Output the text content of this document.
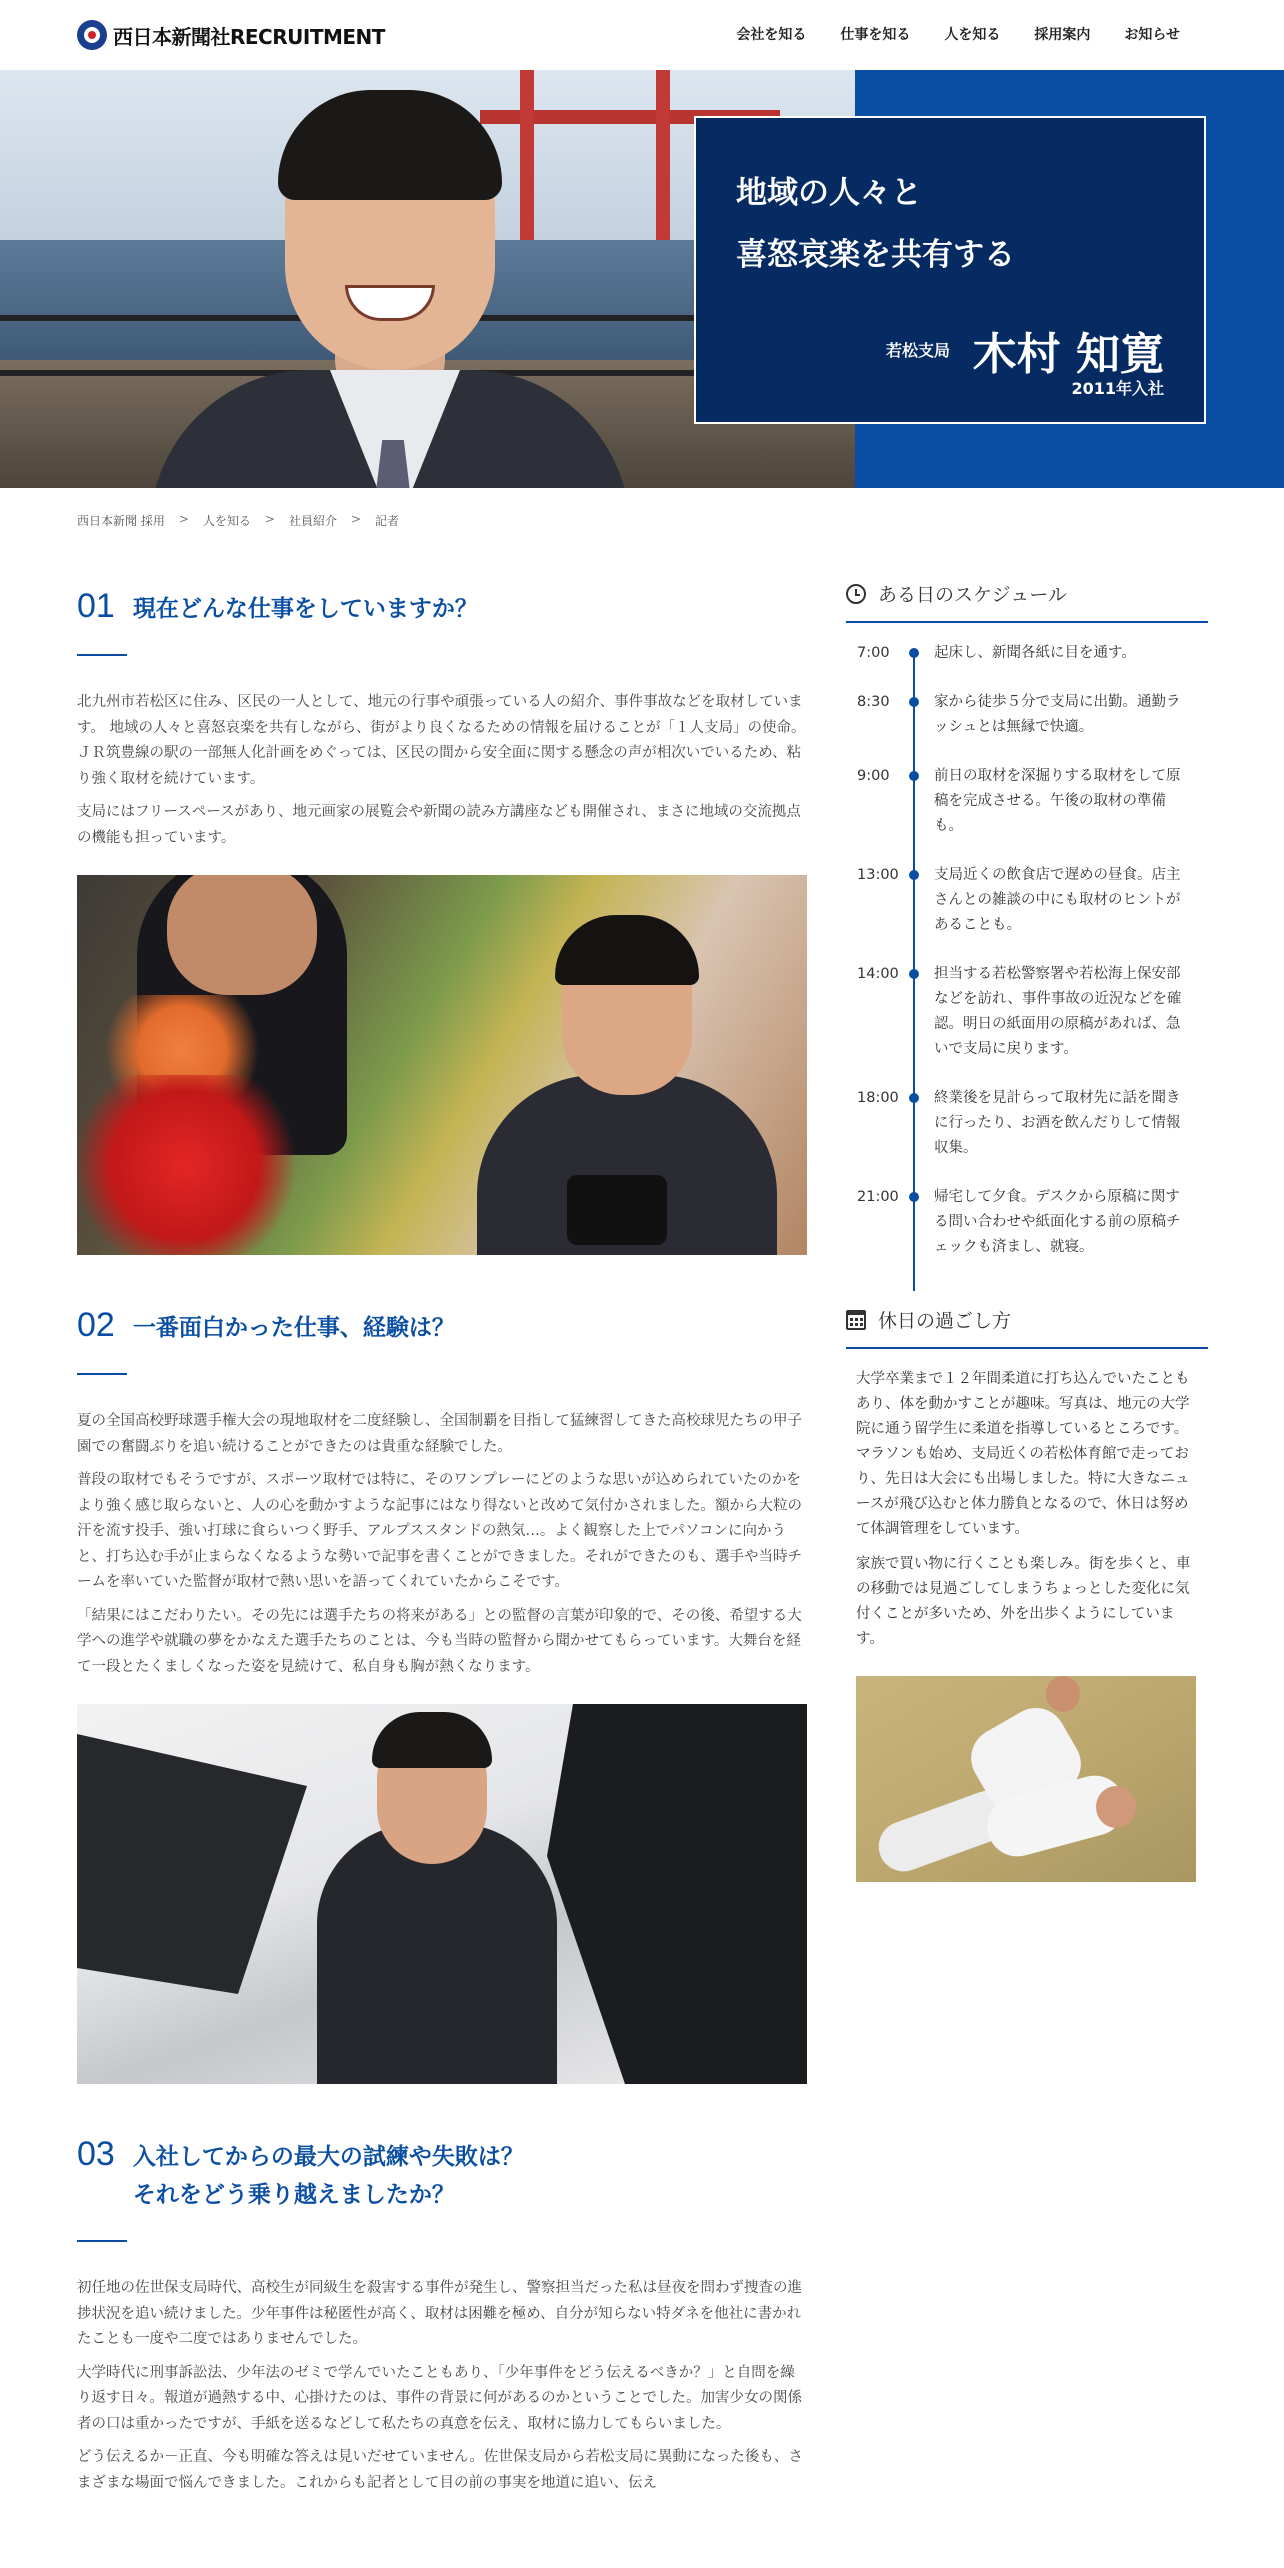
西日本新聞社RECRUITMENT	会社を知る 仕事を知る 人を知る 採用案内 お知らせ
地域の人々と
喜怒哀楽を共有する
若松支局 木村 知寛
2011年入社
西日本新聞 採用 > 人を知る > 社員紹介 > 記者
01 現在どんな仕事をしていますか？

北九州市若松区に住み、区民の一人として、地元の行事や頑張っている人の紹介、事件事故などを取材しています。 地域の人々と喜怒哀楽を共有しながら、街がより良くなるための情報を届けることが「１人支局」の使命。ＪＲ筑豊線の駅の一部無人化計画をめぐっては、区民の間から安全面に関する懸念の声が相次いでいるため、粘り強く取材を続けています。

支局にはフリースペースがあり、地元画家の展覧会や新聞の読み方講座なども開催され、まさに地域の交流拠点の機能も担っています。

02 一番面白かった仕事、経験は？

夏の全国高校野球選手権大会の現地取材を二度経験し、全国制覇を目指して猛練習してきた高校球児たちの甲子園での奮闘ぶりを追い続けることができたのは貴重な経験でした。

普段の取材でもそうですが、スポーツ取材では特に、そのワンプレーにどのような思いが込められていたのかをより強く感じ取らないと、人の心を動かすような記事にはなり得ないと改めて気付かされました。額から大粒の汗を流す投手、強い打球に食らいつく野手、アルプススタンドの熱気…。よく観察した上でパソコンに向かうと、打ち込む手が止まらなくなるような勢いで記事を書くことができました。それができたのも、選手や当時チームを率いていた監督が取材で熱い思いを語ってくれていたからこそです。

「結果にはこだわりたい。その先には選手たちの将来がある」との監督の言葉が印象的で、その後、希望する大学への進学や就職の夢をかなえた選手たちのことは、今も当時の監督から聞かせてもらっています。大舞台を経て一段とたくましくなった姿を見続けて、私自身も胸が熱くなります。

03 入社してからの最大の試練や失敗は？
それをどう乗り越えましたか？

初任地の佐世保支局時代、高校生が同級生を殺害する事件が発生し、警察担当だった私は昼夜を問わず捜査の進捗状況を追い続けました。少年事件は秘匿性が高く、取材は困難を極め、自分が知らない特ダネを他社に書かれたことも一度や二度ではありませんでした。

大学時代に刑事訴訟法、少年法のゼミで学んでいたこともあり、「少年事件をどう伝えるべきか？」と自問を繰り返す日々。報道が過熱する中、心掛けたのは、事件の背景に何があるのかということでした。加害少女の関係者の口は重かったですが、手紙を送るなどして私たちの真意を伝え、取材に協力してもらいました。

どう伝えるか－正直、今も明確な答えは見いだせていません。佐世保支局から若松支局に異動になった後も、さまざまな場面で悩んできました。これからも記者として目の前の事実を地道に追い、伝え

ある日のスケジュール
7:00	起床し、新聞各紙に目を通す。
8:30	家から徒歩５分で支局に出勤。通勤ラッシュとは無縁で快適。
9:00	前日の取材を深掘りする取材をして原稿を完成させる。午後の取材の準備も。
13:00 支局近くの飲食店で遅めの昼食。店主さんとの雑談の中にも取材のヒントがあることも。
14:00 担当する若松警察署や若松海上保安部などを訪れ、事件事故の近況などを確認。明日の紙面用の原稿があれば、急いで支局に戻ります。
18:00 終業後を見計らって取材先に話を聞きに行ったり、お酒を飲んだりして情報収集。
21:00 帰宅して夕食。デスクから原稿に関する問い合わせや紙面化する前の原稿チェックも済まし、就寝。
休日の過ごし方

大学卒業まで１２年間柔道に打ち込んでいたこともあり、体を動かすことが趣味。写真は、地元の大学院に通う留学生に柔道を指導しているところです。マラソンも始め、支局近くの若松体育館で走っており、先日は大会にも出場しました。特に大きなニュースが飛び込むと体力勝負となるので、休日は努めて体調管理をしています。

家族で買い物に行くことも楽しみ。街を歩くと、車の移動では見過ごしてしまうちょっとした変化に気付くことが多いため、外を出歩くようにしています。
